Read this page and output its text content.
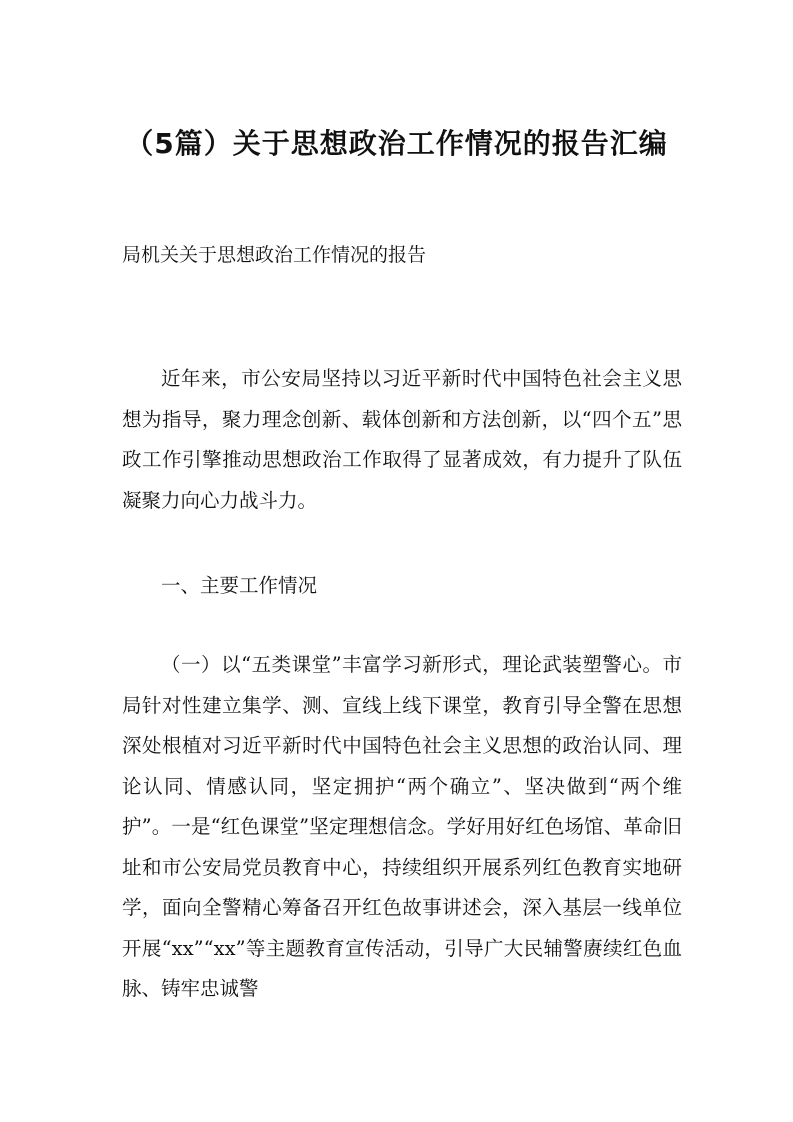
（5篇）关于思想政治工作情况的报告汇编

局机关关于思想政治工作情况的报告

近年来，市公安局坚持以习近平新时代中国特色社会主义思想为指导，聚力理念创新、载体创新和方法创新，以“四个五”思政工作引擎推动思想政治工作取得了显著成效，有力提升了队伍凝聚力向心力战斗力。

一、主要工作情况

（一）以“五类课堂”丰富学习新形式，理论武装塑警心。市局针对性建立集学、测、宣线上线下课堂，教育引导全警在思想深处根植对习近平新时代中国特色社会主义思想的政治认同、理论认同、情感认同，坚定拥护“两个确立”、坚决做到“两个维护”。一是“红色课堂”坚定理想信念。学好用好红色场馆、革命旧址和市公安局党员教育中心，持续组织开展系列红色教育实地研学，面向全警精心筹备召开红色故事讲述会，深入基层一线单位开展“xx”“xx”等主题教育宣传活动，引导广大民辅警赓续红色血脉、铸牢忠诚警
